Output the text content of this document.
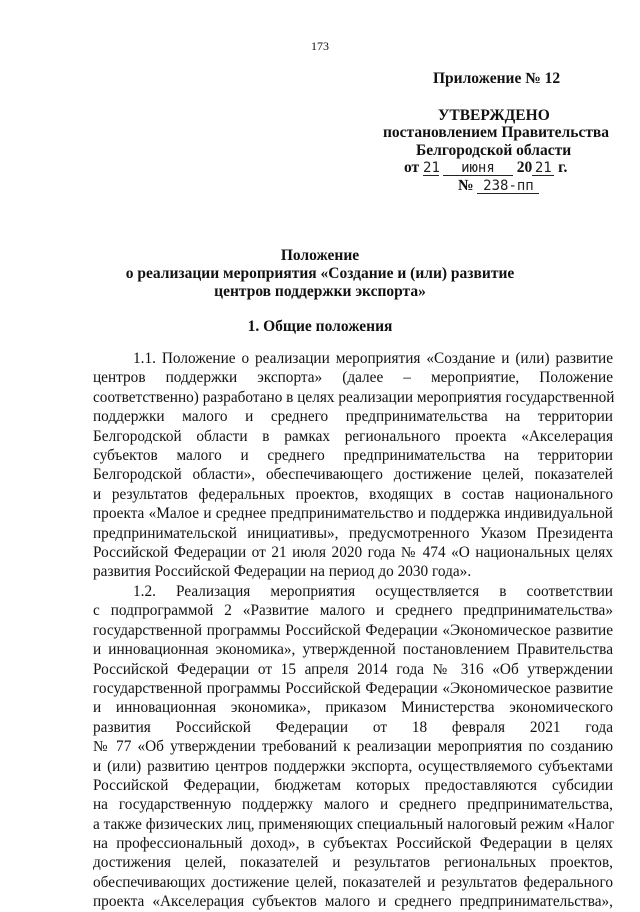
173
Приложение № 12
УТВЕРЖДЕНО
постановлением Правительства
Белгородской области
от 21 июня 20 21 г.
№ 238-пп
Положение
о реализации мероприятия «Создание и (или) развитие
центров поддержки экспорта»
1. Общие положения
1.1. Положение о реализации мероприятия «Создание и (или) развитие
центров поддержки экспорта» (далее – мероприятие, Положение
соответственно) разработано в целях реализации мероприятия государственной
поддержки малого и среднего предпринимательства на территории
Белгородской области в рамках регионального проекта «Акселерация
субъектов малого и среднего предпринимательства на территории
Белгородской области», обеспечивающего достижение целей, показателей
и результатов федеральных проектов, входящих в состав национального
проекта «Малое и среднее предпринимательство и поддержка индивидуальной
предпринимательской инициативы», предусмотренного Указом Президента
Российской Федерации от 21 июля 2020 года № 474 «О национальных целях
развития Российской Федерации на период до 2030 года».
1.2. Реализация мероприятия осуществляется в соответствии
с подпрограммой 2 «Развитие малого и среднего предпринимательства»
государственной программы Российской Федерации «Экономическое развитие
и инновационная экономика», утвержденной постановлением Правительства
Российской Федерации от 15 апреля 2014 года № 316 «Об утверждении
государственной программы Российской Федерации «Экономическое развитие
и инновационная экономика», приказом Министерства экономического
развития Российской Федерации от 18 февраля 2021 года
№ 77 «Об утверждении требований к реализации мероприятия по созданию
и (или) развитию центров поддержки экспорта, осуществляемого субъектами
Российской Федерации, бюджетам которых предоставляются субсидии
на государственную поддержку малого и среднего предпринимательства,
а также физических лиц, применяющих специальный налоговый режим «Налог
на профессиональный доход», в субъектах Российской Федерации в целях
достижения целей, показателей и результатов региональных проектов,
обеспечивающих достижение целей, показателей и результатов федерального
проекта «Акселерация субъектов малого и среднего предпринимательства»,
